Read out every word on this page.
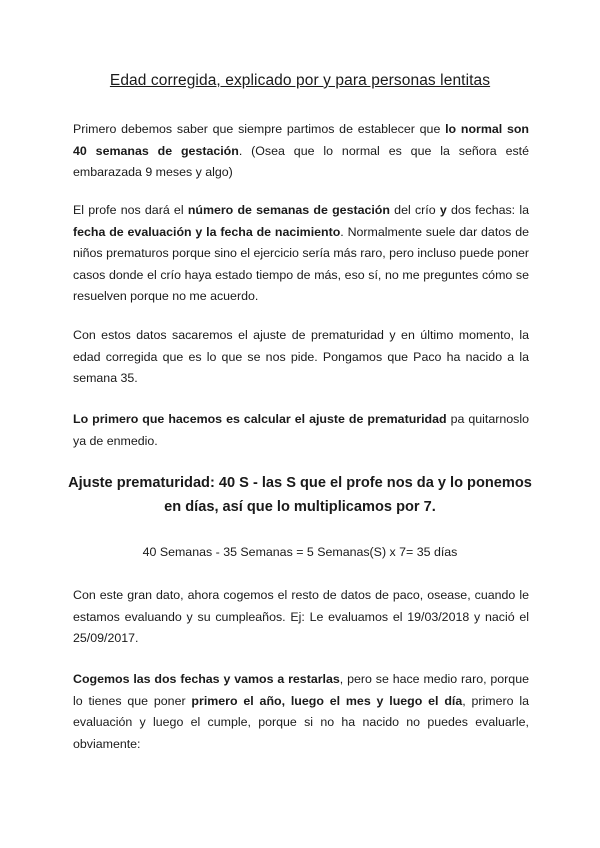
Edad corregida, explicado por y para personas lentitas

Primero debemos saber que siempre partimos de establecer que lo normal son 40 semanas de gestación. (Osea que lo normal es que la señora esté embarazada 9 meses y algo)

El profe nos dará el número de semanas de gestación del crío y dos fechas: la fecha de evaluación y la fecha de nacimiento. Normalmente suele dar datos de niños prematuros porque sino el ejercicio sería más raro, pero incluso puede poner casos donde el crío haya estado tiempo de más, eso sí, no me preguntes cómo se resuelven porque no me acuerdo.

Con estos datos sacaremos el ajuste de prematuridad y en último momento, la edad corregida que es lo que se nos pide. Pongamos que Paco ha nacido a la semana 35.

Lo primero que hacemos es calcular el ajuste de prematuridad pa quitarnoslo ya de enmedio.

Ajuste prematuridad: 40 S - las S que el profe nos da y lo ponemos en días, así que lo multiplicamos por 7.

40 Semanas - 35 Semanas = 5 Semanas(S) x 7= 35 días

Con este gran dato, ahora cogemos el resto de datos de paco, osease, cuando le estamos evaluando y su cumpleaños. Ej: Le evaluamos el 19/03/2018 y nació el 25/09/2017.

Cogemos las dos fechas y vamos a restarlas, pero se hace medio raro, porque lo tienes que poner primero el año, luego el mes y luego el día, primero la evaluación y luego el cumple, porque si no ha nacido no puedes evaluarle, obviamente:
